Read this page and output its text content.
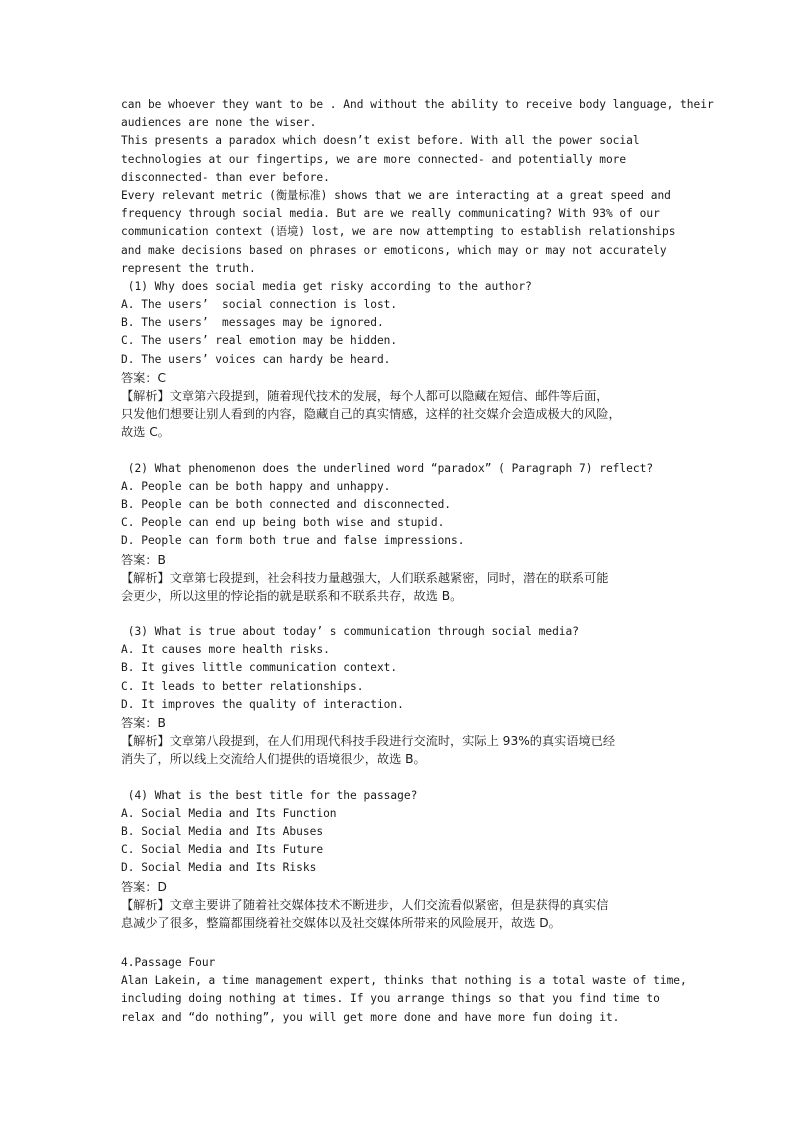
can be whoever they want to be . And without the ability to receive body language, their
audiences are none the wiser.
This presents a paradox which doesn’t exist before. With all the power social
technologies at our fingertips, we are more connected- and potentially more
disconnected- than ever before.
Every relevant metric (衡量标准) shows that we are interacting at a great speed and
frequency through social media. But are we really communicating? With 93% of our
communication context (语境) lost, we are now attempting to establish relationships
and make decisions based on phrases or emoticons, which may or may not accurately
represent the truth.
(1) Why does social media get risky according to the author?
A. The users’  social connection is lost.
B. The users’  messages may be ignored.
C. The users’ real emotion may be hidden.
D. The users’ voices can hardy be heard.
答案：C
【解析】文章第六段提到，随着现代技术的发展，每个人都可以隐藏在短信、邮件等后面，
只发他们想要让别人看到的内容，隐藏自己的真实情感，这样的社交媒介会造成极大的风险，
故选 C。
(2) What phenomenon does the underlined word “paradox” ( Paragraph 7) reflect?
A. People can be both happy and unhappy.
B. People can be both connected and disconnected.
C. People can end up being both wise and stupid.
D. People can form both true and false impressions.
答案：B
【解析】文章第七段提到，社会科技力量越强大，人们联系越紧密，同时，潜在的联系可能
会更少，所以这里的悖论指的就是联系和不联系共存，故选 B。
(3) What is true about today’ s communication through social media?
A. It causes more health risks.
B. It gives little communication context.
C. It leads to better relationships.
D. It improves the quality of interaction.
答案：B
【解析】文章第八段提到，在人们用现代科技手段进行交流时，实际上 93%的真实语境已经
消失了，所以线上交流给人们提供的语境很少，故选 B。
(4) What is the best title for the passage?
A. Social Media and Its Function
B. Social Media and Its Abuses
C. Social Media and Its Future
D. Social Media and Its Risks
答案：D
【解析】文章主要讲了随着社交媒体技术不断进步，人们交流看似紧密，但是获得的真实信
息减少了很多，整篇都围绕着社交媒体以及社交媒体所带来的风险展开，故选 D。
4.Passage Four
Alan Lakein, a time management expert, thinks that nothing is a total waste of time,
including doing nothing at times. If you arrange things so that you find time to
relax and “do nothing”, you will get more done and have more fun doing it.
